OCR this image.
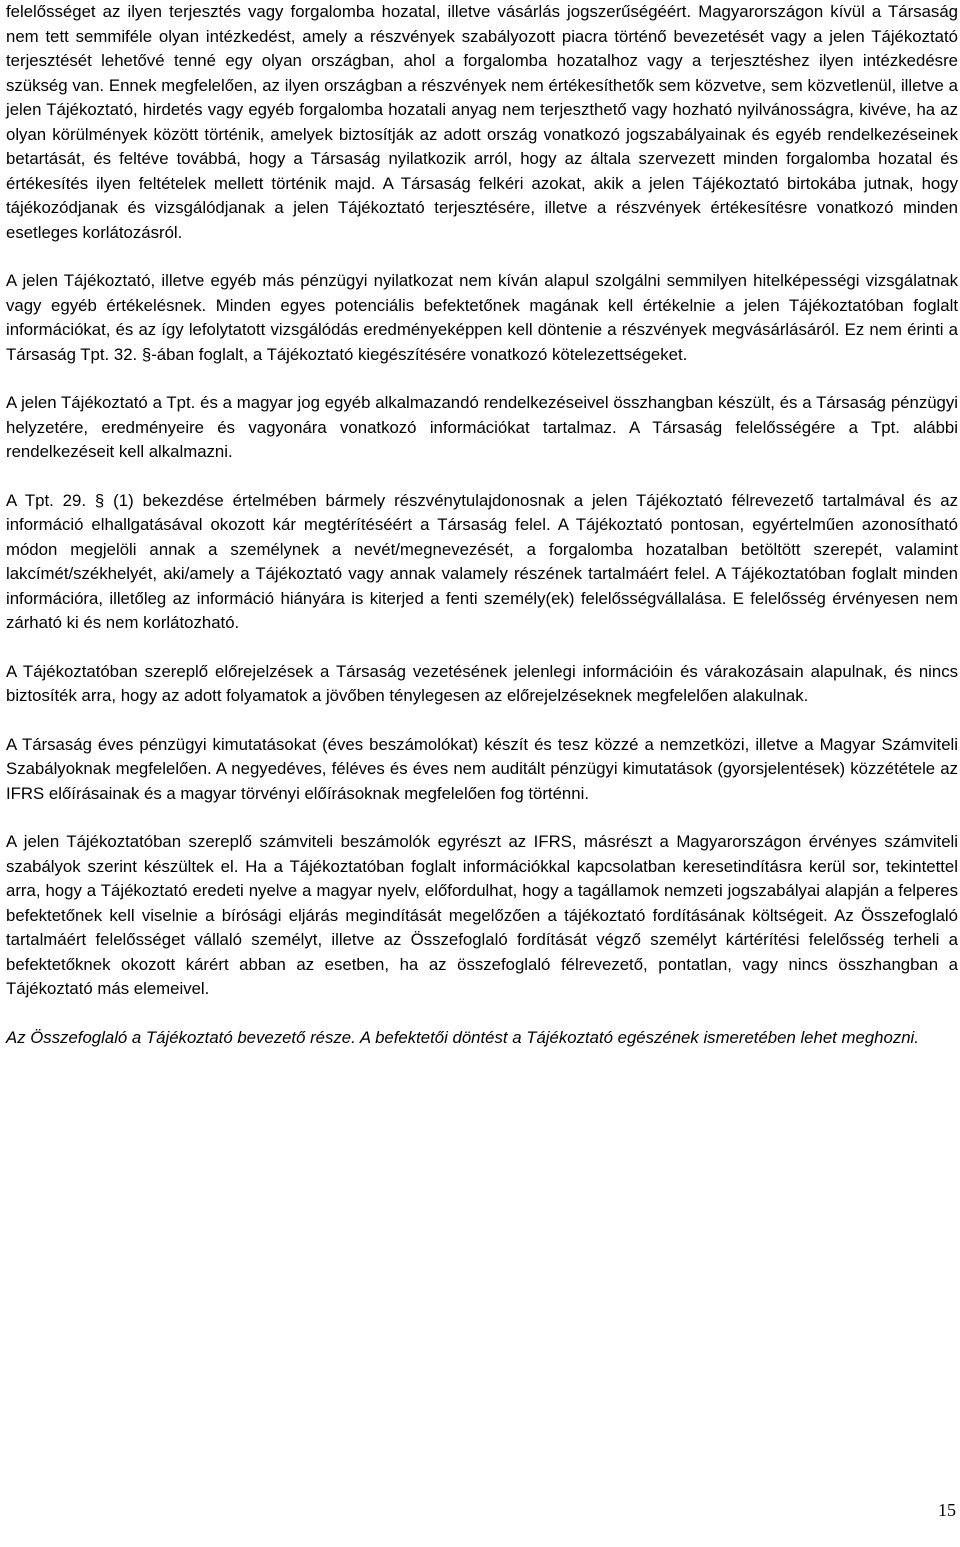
felelősséget az ilyen terjesztés vagy forgalomba hozatal, illetve vásárlás jogszerűségéért. Magyarországon kívül a Társaság nem tett semmiféle olyan intézkedést, amely a részvények szabályozott piacra történő bevezetését vagy a jelen Tájékoztató terjesztését lehetővé tenné egy olyan országban, ahol a forgalomba hozatalhoz vagy a terjesztéshez ilyen intézkedésre szükség van. Ennek megfelelően, az ilyen országban a részvények nem értékesíthetők sem közvetve, sem közvetlenül, illetve a jelen Tájékoztató, hirdetés vagy egyéb forgalomba hozatali anyag nem terjeszthető vagy hozható nyilvánosságra, kivéve, ha az olyan körülmények között történik, amelyek biztosítják az adott ország vonatkozó jogszabályainak és egyéb rendelkezéseinek betartását, és feltéve továbbá, hogy a Társaság nyilatkozik arról, hogy az általa szervezett minden forgalomba hozatal és értékesítés ilyen feltételek mellett történik majd. A Társaság felkéri azokat, akik a jelen Tájékoztató birtokába jutnak, hogy tájékozódjanak és vizsgálódjanak a jelen Tájékoztató terjesztésére, illetve a részvények értékesítésre vonatkozó minden esetleges korlátozásról.

A jelen Tájékoztató, illetve egyéb más pénzügyi nyilatkozat nem kíván alapul szolgálni semmilyen hitelképességi vizsgálatnak vagy egyéb értékelésnek. Minden egyes potenciális befektetőnek magának kell értékelnie a jelen Tájékoztatóban foglalt információkat, és az így lefolytatott vizsgálódás eredményeképpen kell döntenie a részvények megvásárlásáról. Ez nem érinti a Társaság Tpt. 32. §-ában foglalt, a Tájékoztató kiegészítésére vonatkozó kötelezettségeket.

A jelen Tájékoztató a Tpt. és a magyar jog egyéb alkalmazandó rendelkezéseivel összhangban készült, és a Társaság pénzügyi helyzetére, eredményeire és vagyonára vonatkozó információkat tartalmaz. A Társaság felelősségére a Tpt. alábbi rendelkezéseit kell alkalmazni.

A Tpt. 29. § (1) bekezdése értelmében bármely részvénytulajdonosnak a jelen Tájékoztató félrevezető tartalmával és az információ elhallgatásával okozott kár megtérítéséért a Társaság felel. A Tájékoztató pontosan, egyértelműen azonosítható módon megjelöli annak a személynek a nevét/megnevezését, a forgalomba hozatalban betöltött szerepét, valamint lakcímét/székhelyét, aki/amely a Tájékoztató vagy annak valamely részének tartalmáért felel. A Tájékoztatóban foglalt minden információra, illetőleg az információ hiányára is kiterjed a fenti személy(ek) felelősségvállalása. E felelősség érvényesen nem zárható ki és nem korlátozható.

A Tájékoztatóban szereplő előrejelzések a Társaság vezetésének jelenlegi információin és várakozásain alapulnak, és nincs biztosíték arra, hogy az adott folyamatok a jövőben ténylegesen az előrejelzéseknek megfelelően alakulnak.

A Társaság éves pénzügyi kimutatásokat (éves beszámolókat) készít és tesz közzé a nemzetközi, illetve a Magyar Számviteli Szabályoknak megfelelően. A negyedéves, féléves és éves nem auditált pénzügyi kimutatások (gyorsjelentések) közzététele az IFRS előírásainak és a magyar törvényi előírásoknak megfelelően fog történni.

A jelen Tájékoztatóban szereplő számviteli beszámolók egyrészt az IFRS, másrészt a Magyarországon érvényes számviteli szabályok szerint készültek el. Ha a Tájékoztatóban foglalt információkkal kapcsolatban keresetindításra kerül sor, tekintettel arra, hogy a Tájékoztató eredeti nyelve a magyar nyelv, előfordulhat, hogy a tagállamok nemzeti jogszabályai alapján a felperes befektetőnek kell viselnie a bírósági eljárás megindítását megelőzően a tájékoztató fordításának költségeit. Az Összefoglaló tartalmáért felelősséget vállaló személyt, illetve az Összefoglaló fordítását végző személyt kártérítési felelősség terheli a befektetőknek okozott kárért abban az esetben, ha az összefoglaló félrevezető, pontatlan, vagy nincs összhangban a Tájékoztató más elemeivel.

Az Összefoglaló a Tájékoztató bevezető része. A befektetői döntést a Tájékoztató egészének ismeretében lehet meghozni.

15
